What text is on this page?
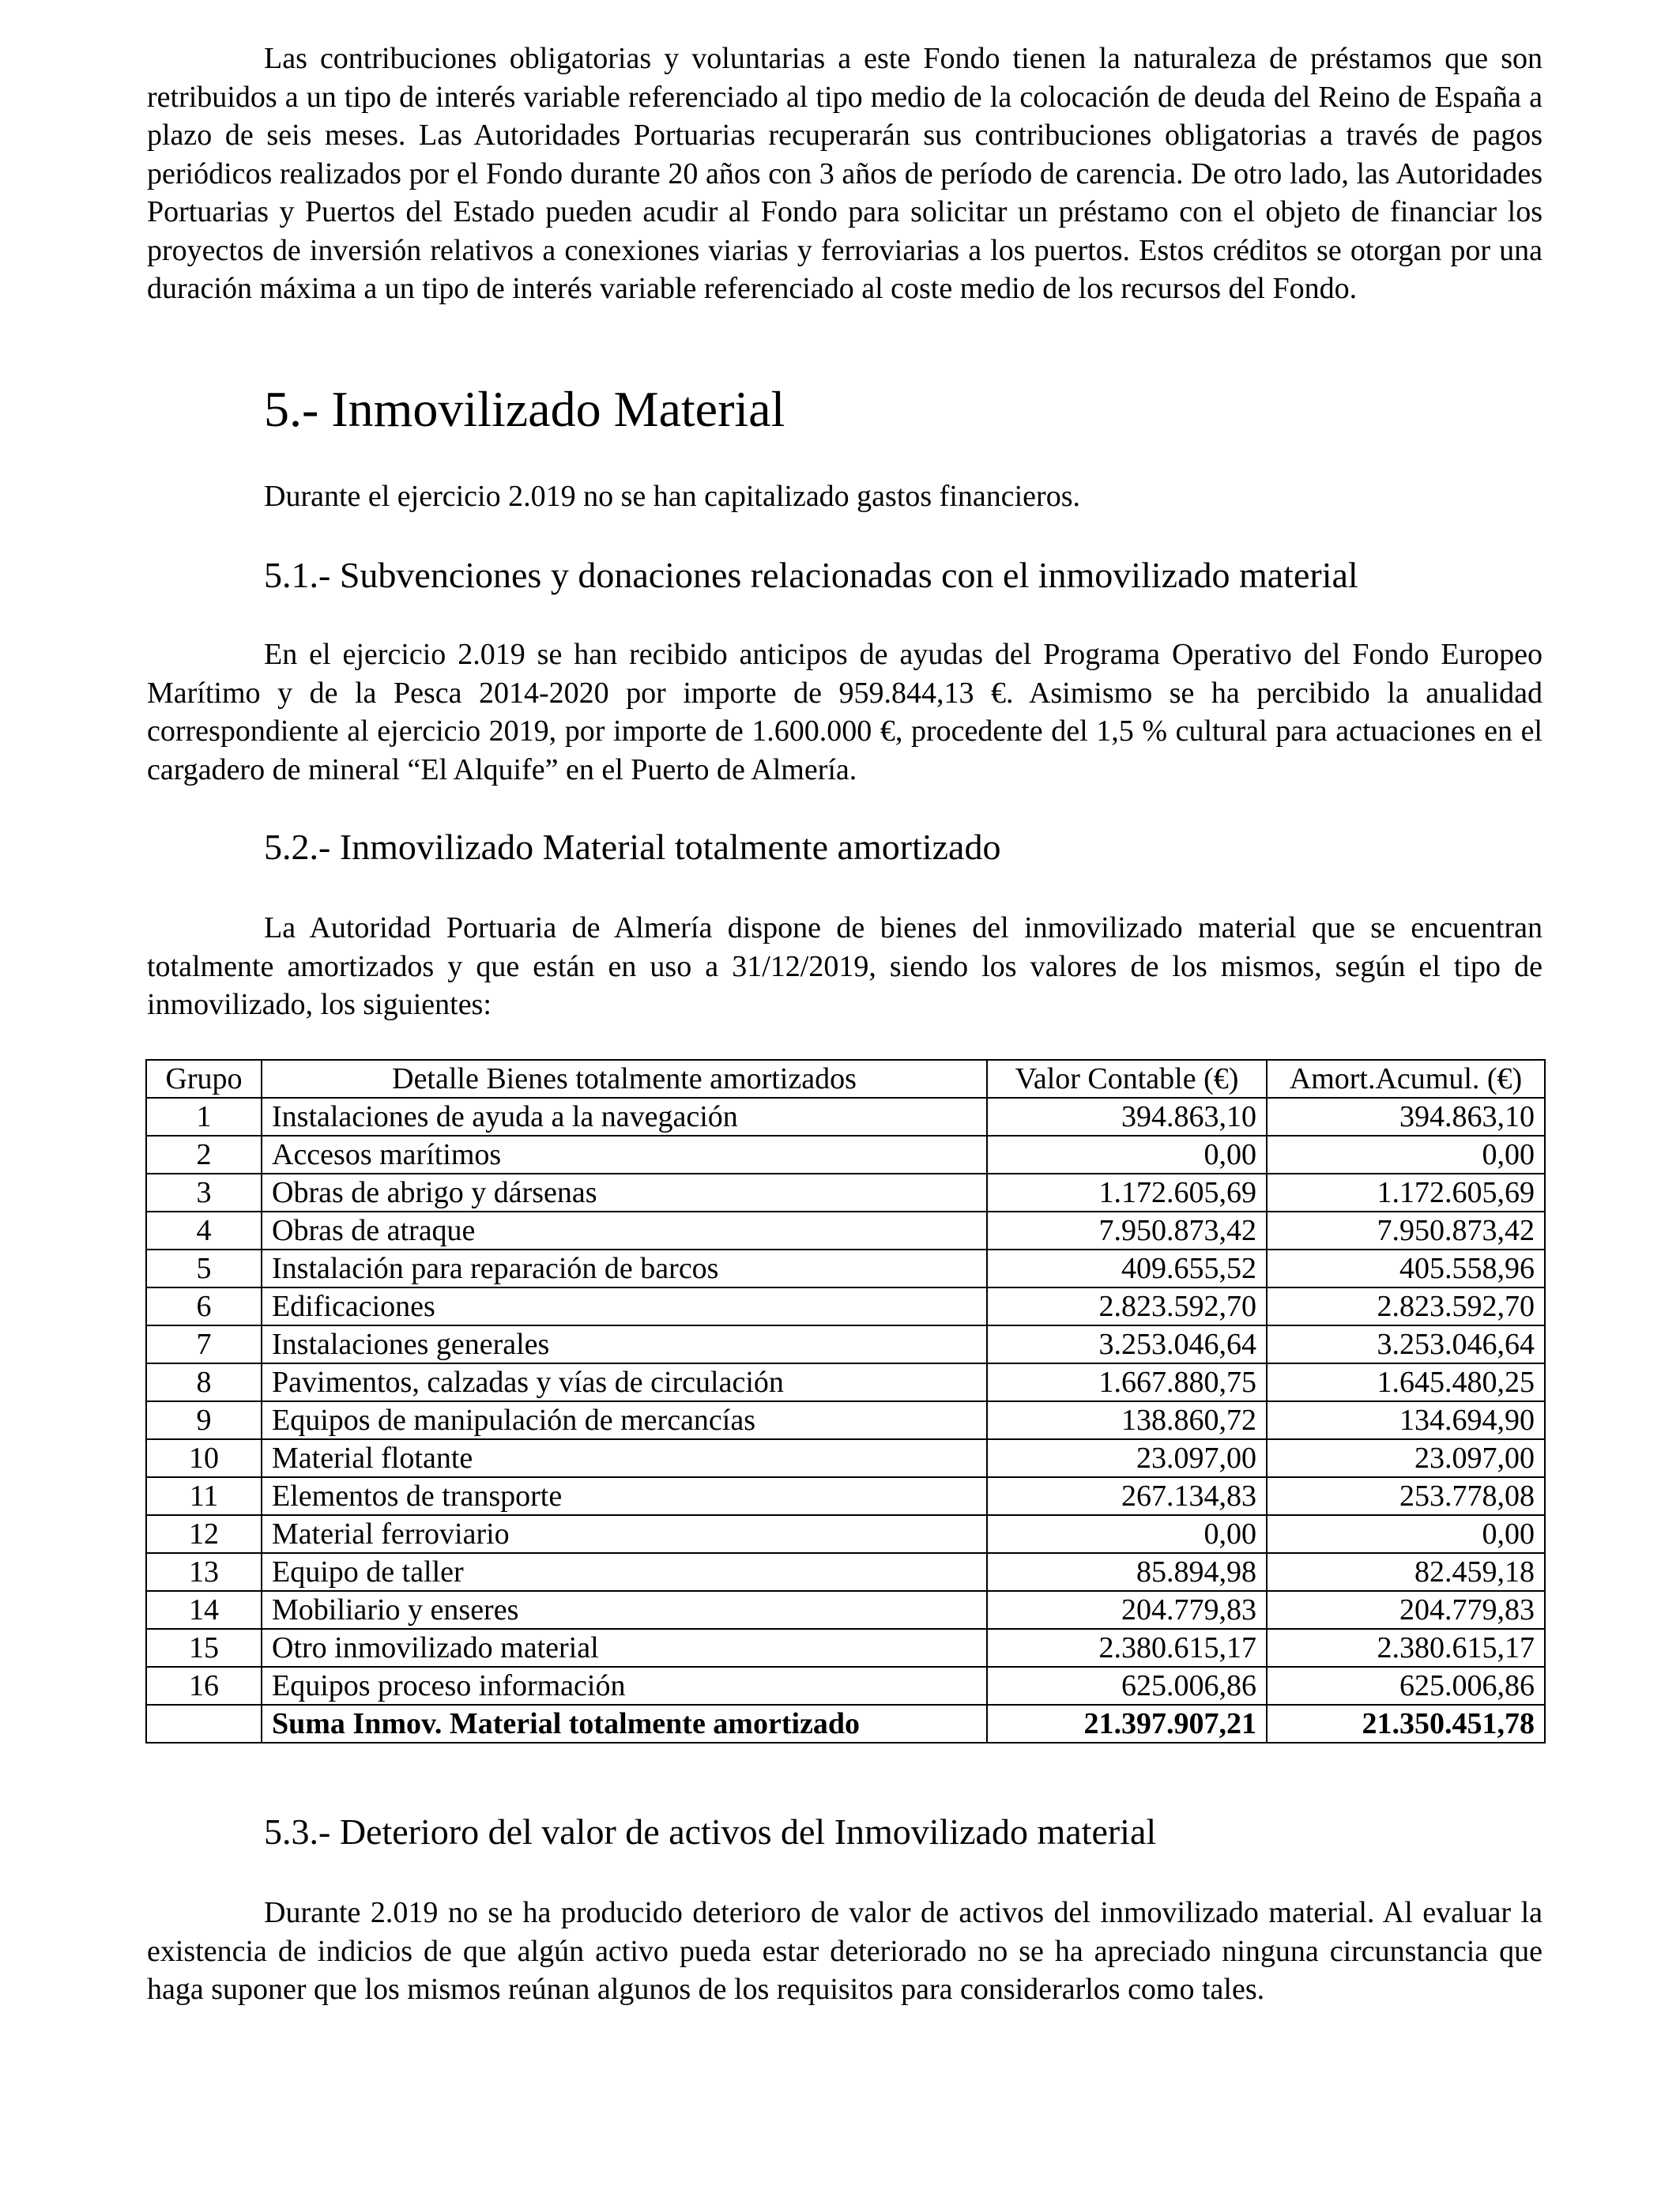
Las contribuciones obligatorias y voluntarias a este Fondo tienen la naturaleza de préstamos que son retribuidos a un tipo de interés variable referenciado al tipo medio de la colocación de deuda del Reino de España a plazo de seis meses. Las Autoridades Portuarias recuperarán sus contribuciones obligatorias a través de pagos periódicos realizados por el Fondo durante 20 años con 3 años de período de carencia. De otro lado, las Autoridades Portuarias y Puertos del Estado pueden acudir al Fondo para solicitar un préstamo con el objeto de financiar los proyectos de inversión relativos a conexiones viarias y ferroviarias a los puertos. Estos créditos se otorgan por una duración máxima a un tipo de interés variable referenciado al coste medio de los recursos del Fondo.

5.- Inmovilizado Material

Durante el ejercicio 2.019 no se han capitalizado gastos financieros.

5.1.- Subvenciones y donaciones relacionadas con el inmovilizado material

En el ejercicio 2.019 se han recibido anticipos de ayudas del Programa Operativo del Fondo Europeo Marítimo y de la Pesca 2014-2020 por importe de 959.844,13 €. Asimismo se ha percibido la anualidad correspondiente al ejercicio 2019, por importe de 1.600.000 €, procedente del 1,5 % cultural para actuaciones en el cargadero de mineral “El Alquife” en el Puerto de Almería.

5.2.- Inmovilizado Material totalmente amortizado

La Autoridad Portuaria de Almería dispone de bienes del inmovilizado material que se encuentran totalmente amortizados y que están en uso a 31/12/2019, siendo los valores de los mismos, según el tipo de inmovilizado, los siguientes:

Grupo	Detalle Bienes totalmente amortizados	Valor Contable (€)	Amort.Acumul. (€)
1	Instalaciones de ayuda a la navegación	394.863,10	394.863,10
2	Accesos marítimos	0,00	0,00
3	Obras de abrigo y dársenas	1.172.605,69	1.172.605,69
4	Obras de atraque	7.950.873,42	7.950.873,42
5	Instalación para reparación de barcos	409.655,52	405.558,96
6	Edificaciones	2.823.592,70	2.823.592,70
7	Instalaciones generales	3.253.046,64	3.253.046,64
8	Pavimentos, calzadas y vías de circulación	1.667.880,75	1.645.480,25
9	Equipos de manipulación de mercancías	138.860,72	134.694,90
10	Material flotante	23.097,00	23.097,00
11	Elementos de transporte	267.134,83	253.778,08
12	Material ferroviario	0,00	0,00
13	Equipo de taller	85.894,98	82.459,18
14	Mobiliario y enseres	204.779,83	204.779,83
15	Otro inmovilizado material	2.380.615,17	2.380.615,17
16	Equipos proceso información	625.006,86	625.006,86
	Suma Inmov. Material totalmente amortizado	21.397.907,21	21.350.451,78
5.3.- Deterioro del valor de activos del Inmovilizado material

Durante 2.019 no se ha producido deterioro de valor de activos del inmovilizado material. Al evaluar la existencia de indicios de que algún activo pueda estar deteriorado no se ha apreciado ninguna circunstancia que haga suponer que los mismos reúnan algunos de los requisitos para considerarlos como tales.
